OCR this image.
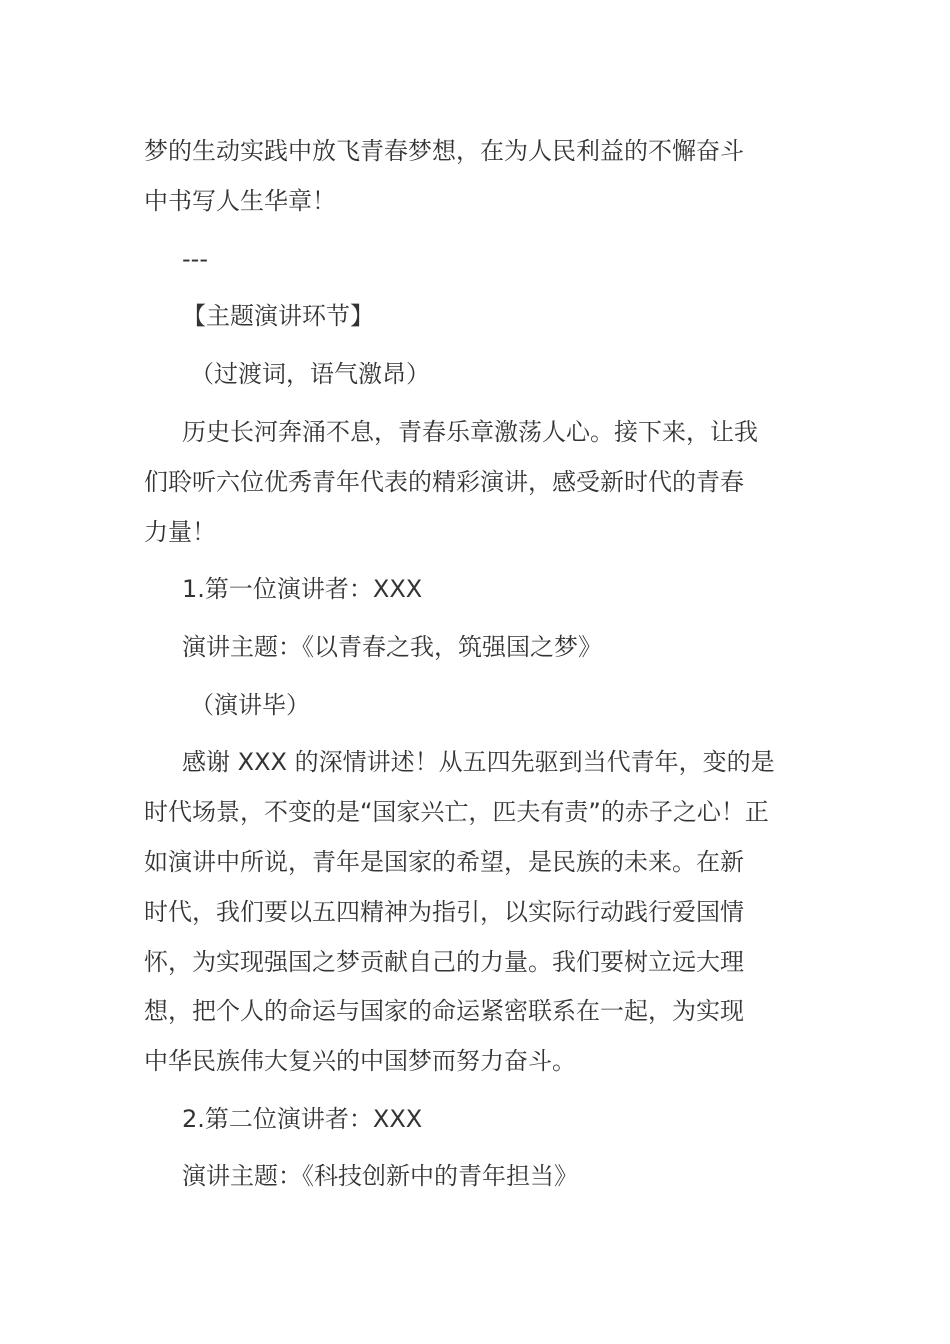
梦的生动实践中放飞青春梦想，在为人民利益的不懈奋斗
中书写人生华章！
---
【主题演讲环节】
（过渡词，语气激昂）
历史长河奔涌不息，青春乐章激荡人心。接下来，让我
们聆听六位优秀青年代表的精彩演讲，感受新时代的青春
力量！
1.第一位演讲者：XXX
演讲主题：《以青春之我，筑强国之梦》
（演讲毕）
感谢 XXX 的深情讲述！从五四先驱到当代青年，变的是
时代场景，不变的是“国家兴亡，匹夫有责”的赤子之心！正
如演讲中所说，青年是国家的希望，是民族的未来。在新
时代，我们要以五四精神为指引，以实际行动践行爱国情
怀，为实现强国之梦贡献自己的力量。我们要树立远大理
想，把个人的命运与国家的命运紧密联系在一起，为实现
中华民族伟大复兴的中国梦而努力奋斗。
2.第二位演讲者：XXX
演讲主题：《科技创新中的青年担当》
